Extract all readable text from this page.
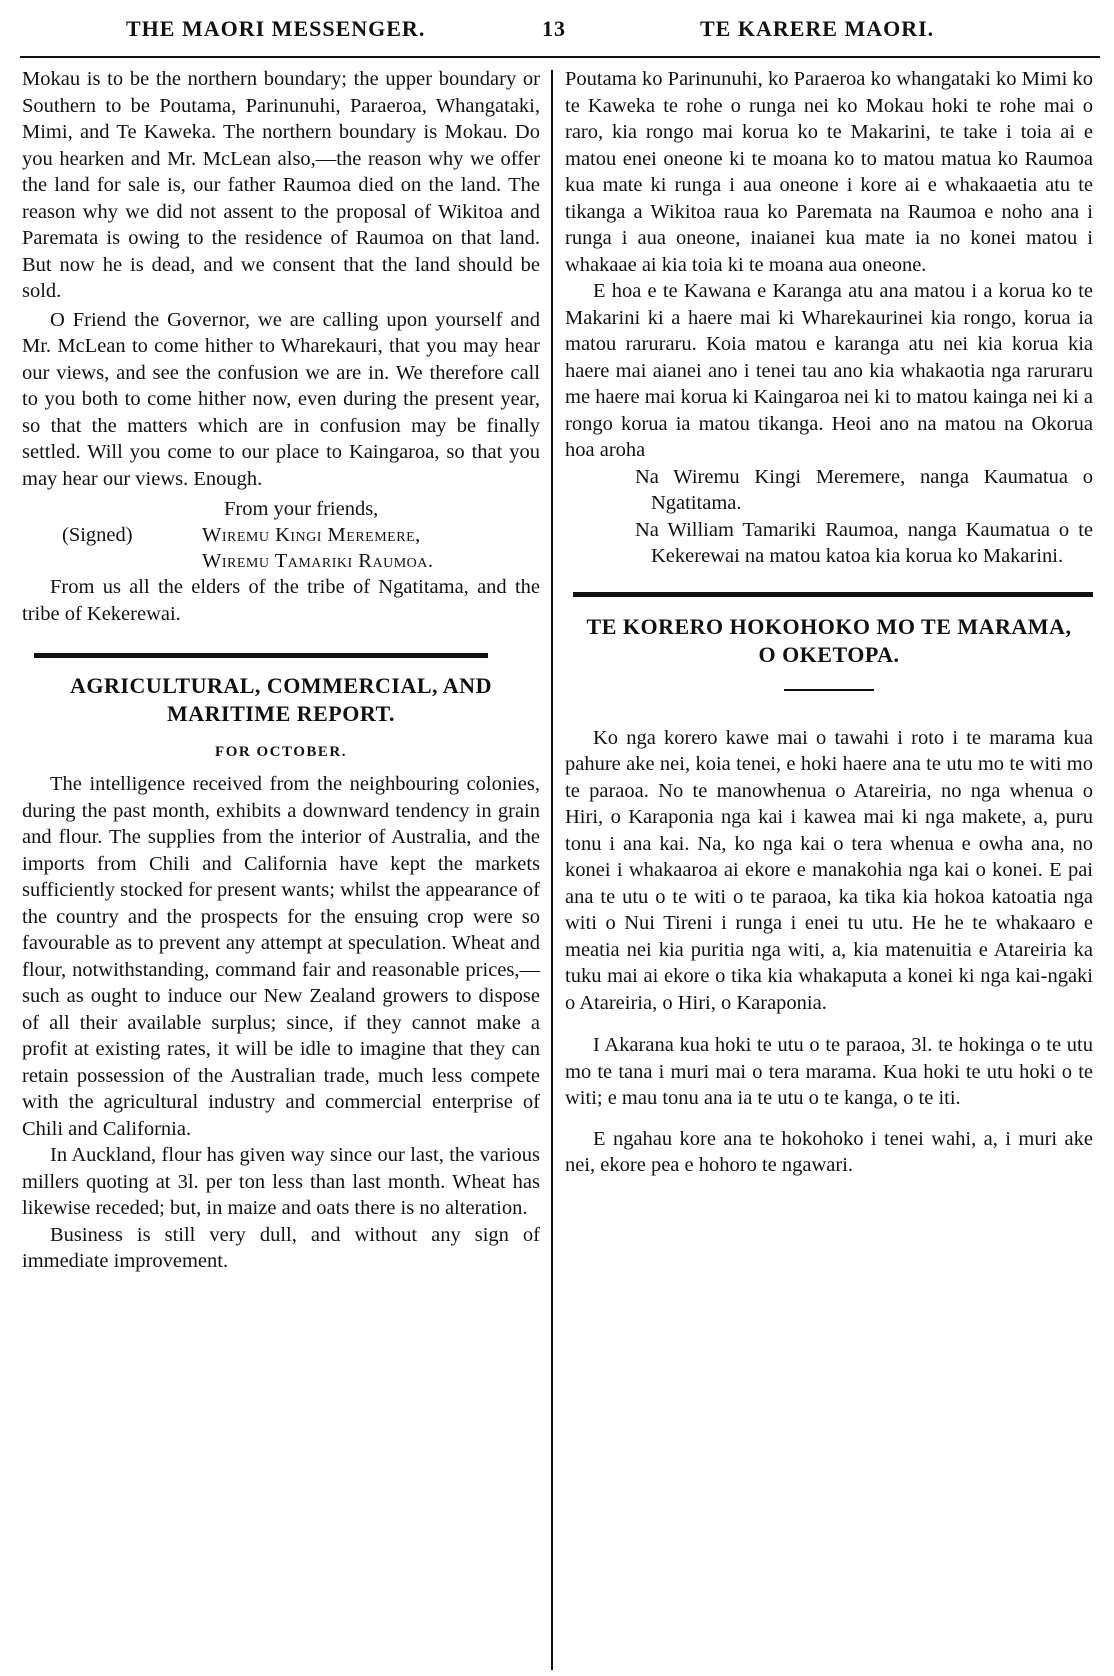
THE MAORI MESSENGER.	13	TE KARERE MAORI.

Mokau is to be the northern boundary; the upper boundary or Southern to be Poutama, Parinunuhi, Paraeroa, Whangataki, Mimi, and Te Kaweka. The northern boundary is Mokau. Do you hearken and Mr. McLean also,—the reason why we offer the land for sale is, our father Raumoa died on the land. The reason why we did not assent to the proposal of Wikitoa and Paremata is owing to the residence of Raumoa on that land. But now he is dead, and we consent that the land should be sold.

O Friend the Governor, we are calling upon yourself and Mr. McLean to come hither to Wharekauri, that you may hear our views, and see the confusion we are in. We therefore call to you both to come hither now, even during the present year, so that the matters which are in confusion may be finally settled. Will you come to our place to Kaingaroa, so that you may hear our views. Enough.

From your friends,
(Signed)	Wiremu Kingi Meremere,
Wiremu Tamariki Raumoa.

From us all the elders of the tribe of Ngatitama, and the tribe of Kekerewai.

AGRICULTURAL, COMMERCIAL, AND MARITIME REPORT.
FOR OCTOBER.

The intelligence received from the neighbouring colonies, during the past month, exhibits a downward tendency in grain and flour. The supplies from the interior of Australia, and the imports from Chili and California have kept the markets sufficiently stocked for present wants; whilst the appearance of the country and the prospects for the ensuing crop were so favourable as to prevent any attempt at speculation. Wheat and flour, notwithstanding, command fair and reasonable prices,—such as ought to induce our New Zealand growers to dispose of all their available surplus; since, if they cannot make a profit at existing rates, it will be idle to imagine that they can retain possession of the Australian trade, much less compete with the agricultural industry and commercial enterprise of Chili and California.

In Auckland, flour has given way since our last, the various millers quoting at 3l. per ton less than last month. Wheat has likewise receded; but, in maize and oats there is no alteration.

Business is still very dull, and without any sign of immediate improvement.

Poutama ko Parinunuhi, ko Paraeroa ko whangataki ko Mimi ko te Kaweka te rohe o runga nei ko Mokau hoki te rohe mai o raro, kia rongo mai korua ko te Makarini, te take i toia ai e matou enei oneone ki te moana ko to matou matua ko Raumoa kua mate ki runga i aua oneone i kore ai e whakaaetia atu te tikanga a Wikitoa raua ko Paremata na Raumoa e noho ana i runga i aua oneone, inaianei kua mate ia no konei matou i whakaae ai kia toia ki te moana aua oneone.

E hoa e te Kawana e Karanga atu ana matou i a korua ko te Makarini ki a haere mai ki Wharekaurinei kia rongo, korua ia matou raruraru. Koia matou e karanga atu nei kia korua kia haere mai aianei ano i tenei tau ano kia whakaotia nga raruraru me haere mai korua ki Kaingaroa nei ki to matou kainga nei ki a rongo korua ia matou tikanga. Heoi ano na matou na Okorua hoa aroha

Na Wiremu Kingi Meremere, nanga Kaumatua o Ngatitama.

Na William Tamariki Raumoa, nanga Kaumatua o te Kekerewai na matou katoa kia korua ko Makarini.

TE KORERO HOKOHOKO MO TE MARAMA, O OKETOPA.

Ko nga korero kawe mai o tawahi i roto i te marama kua pahure ake nei, koia tenei, e hoki haere ana te utu mo te witi mo te paraoa. No te manowhenua o Atareiria, no nga whenua o Hiri, o Karaponia nga kai i kawea mai ki nga makete, a, puru tonu i ana kai. Na, ko nga kai o tera whenua e owha ana, no konei i whakaaroa ai ekore e manakohia nga kai o konei. E pai ana te utu o te witi o te paraoa, ka tika kia hokoa katoatia nga witi o Nui Tireni i runga i enei tu utu. He he te whakaaro e meatia nei kia puritia nga witi, a, kia matenuitia e Atareiria ka tuku mai ai ekore o tika kia whakaputa a konei ki nga kai-ngaki o Atareiria, o Hiri, o Karaponia.

I Akarana kua hoki te utu o te paraoa, 3l. te hokinga o te utu mo te tana i muri mai o tera marama. Kua hoki te utu hoki o te witi; e mau tonu ana ia te utu o te kanga, o te iti.

E ngahau kore ana te hokohoko i tenei wahi, a, i muri ake nei, ekore pea e hohoro te ngawari.
